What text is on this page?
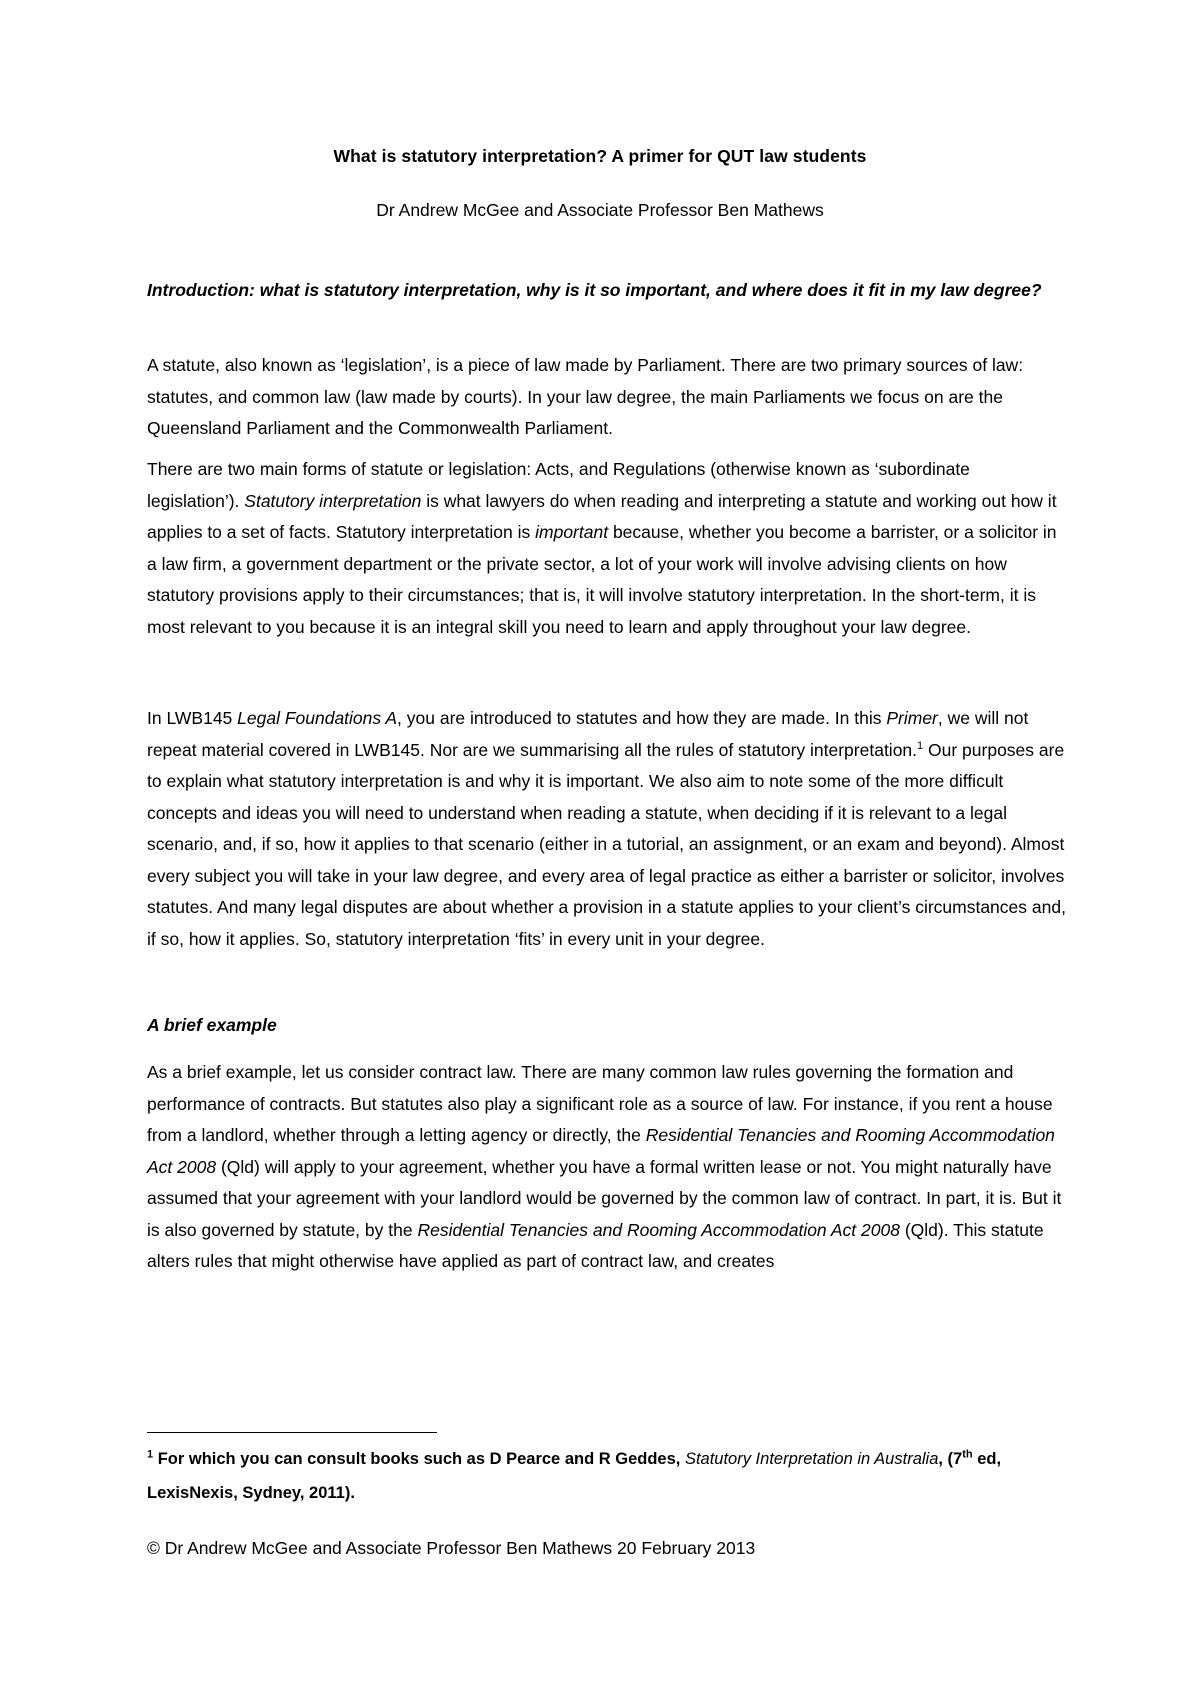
What is statutory interpretation? A primer for QUT law students
Dr Andrew McGee and Associate Professor Ben Mathews
Introduction: what is statutory interpretation, why is it so important, and where does it fit in my law degree?
A statute, also known as ‘legislation’, is a piece of law made by Parliament. There are two primary sources of law: statutes, and common law (law made by courts). In your law degree, the main Parliaments we focus on are the Queensland Parliament and the Commonwealth Parliament.
There are two main forms of statute or legislation: Acts, and Regulations (otherwise known as ‘subordinate legislation’). Statutory interpretation is what lawyers do when reading and interpreting a statute and working out how it applies to a set of facts. Statutory interpretation is important because, whether you become a barrister, or a solicitor in a law firm, a government department or the private sector, a lot of your work will involve advising clients on how statutory provisions apply to their circumstances; that is, it will involve statutory interpretation. In the short-term, it is most relevant to you because it is an integral skill you need to learn and apply throughout your law degree.
In LWB145 Legal Foundations A, you are introduced to statutes and how they are made. In this Primer, we will not repeat material covered in LWB145. Nor are we summarising all the rules of statutory interpretation.$^1$ Our purposes are to explain what statutory interpretation is and why it is important. We also aim to note some of the more difficult concepts and ideas you will need to understand when reading a statute, when deciding if it is relevant to a legal scenario, and, if so, how it applies to that scenario (either in a tutorial, an assignment, or an exam and beyond). Almost every subject you will take in your law degree, and every area of legal practice as either a barrister or solicitor, involves statutes. And many legal disputes are about whether a provision in a statute applies to your client’s circumstances and, if so, how it applies. So, statutory interpretation ‘fits’ in every unit in your degree.
A brief example
As a brief example, let us consider contract law. There are many common law rules governing the formation and performance of contracts. But statutes also play a significant role as a source of law. For instance, if you rent a house from a landlord, whether through a letting agency or directly, the Residential Tenancies and Rooming Accommodation Act 2008 (Qld) will apply to your agreement, whether you have a formal written lease or not. You might naturally have assumed that your agreement with your landlord would be governed by the common law of contract. In part, it is. But it is also governed by statute, by the Residential Tenancies and Rooming Accommodation Act 2008 (Qld). This statute alters rules that might otherwise have applied as part of contract law, and creates
$^1$ For which you can consult books such as D Pearce and R Geddes, Statutory Interpretation in Australia, (7th ed, LexisNexis, Sydney, 2011).
© Dr Andrew McGee and Associate Professor Ben Mathews 20 February 2013
